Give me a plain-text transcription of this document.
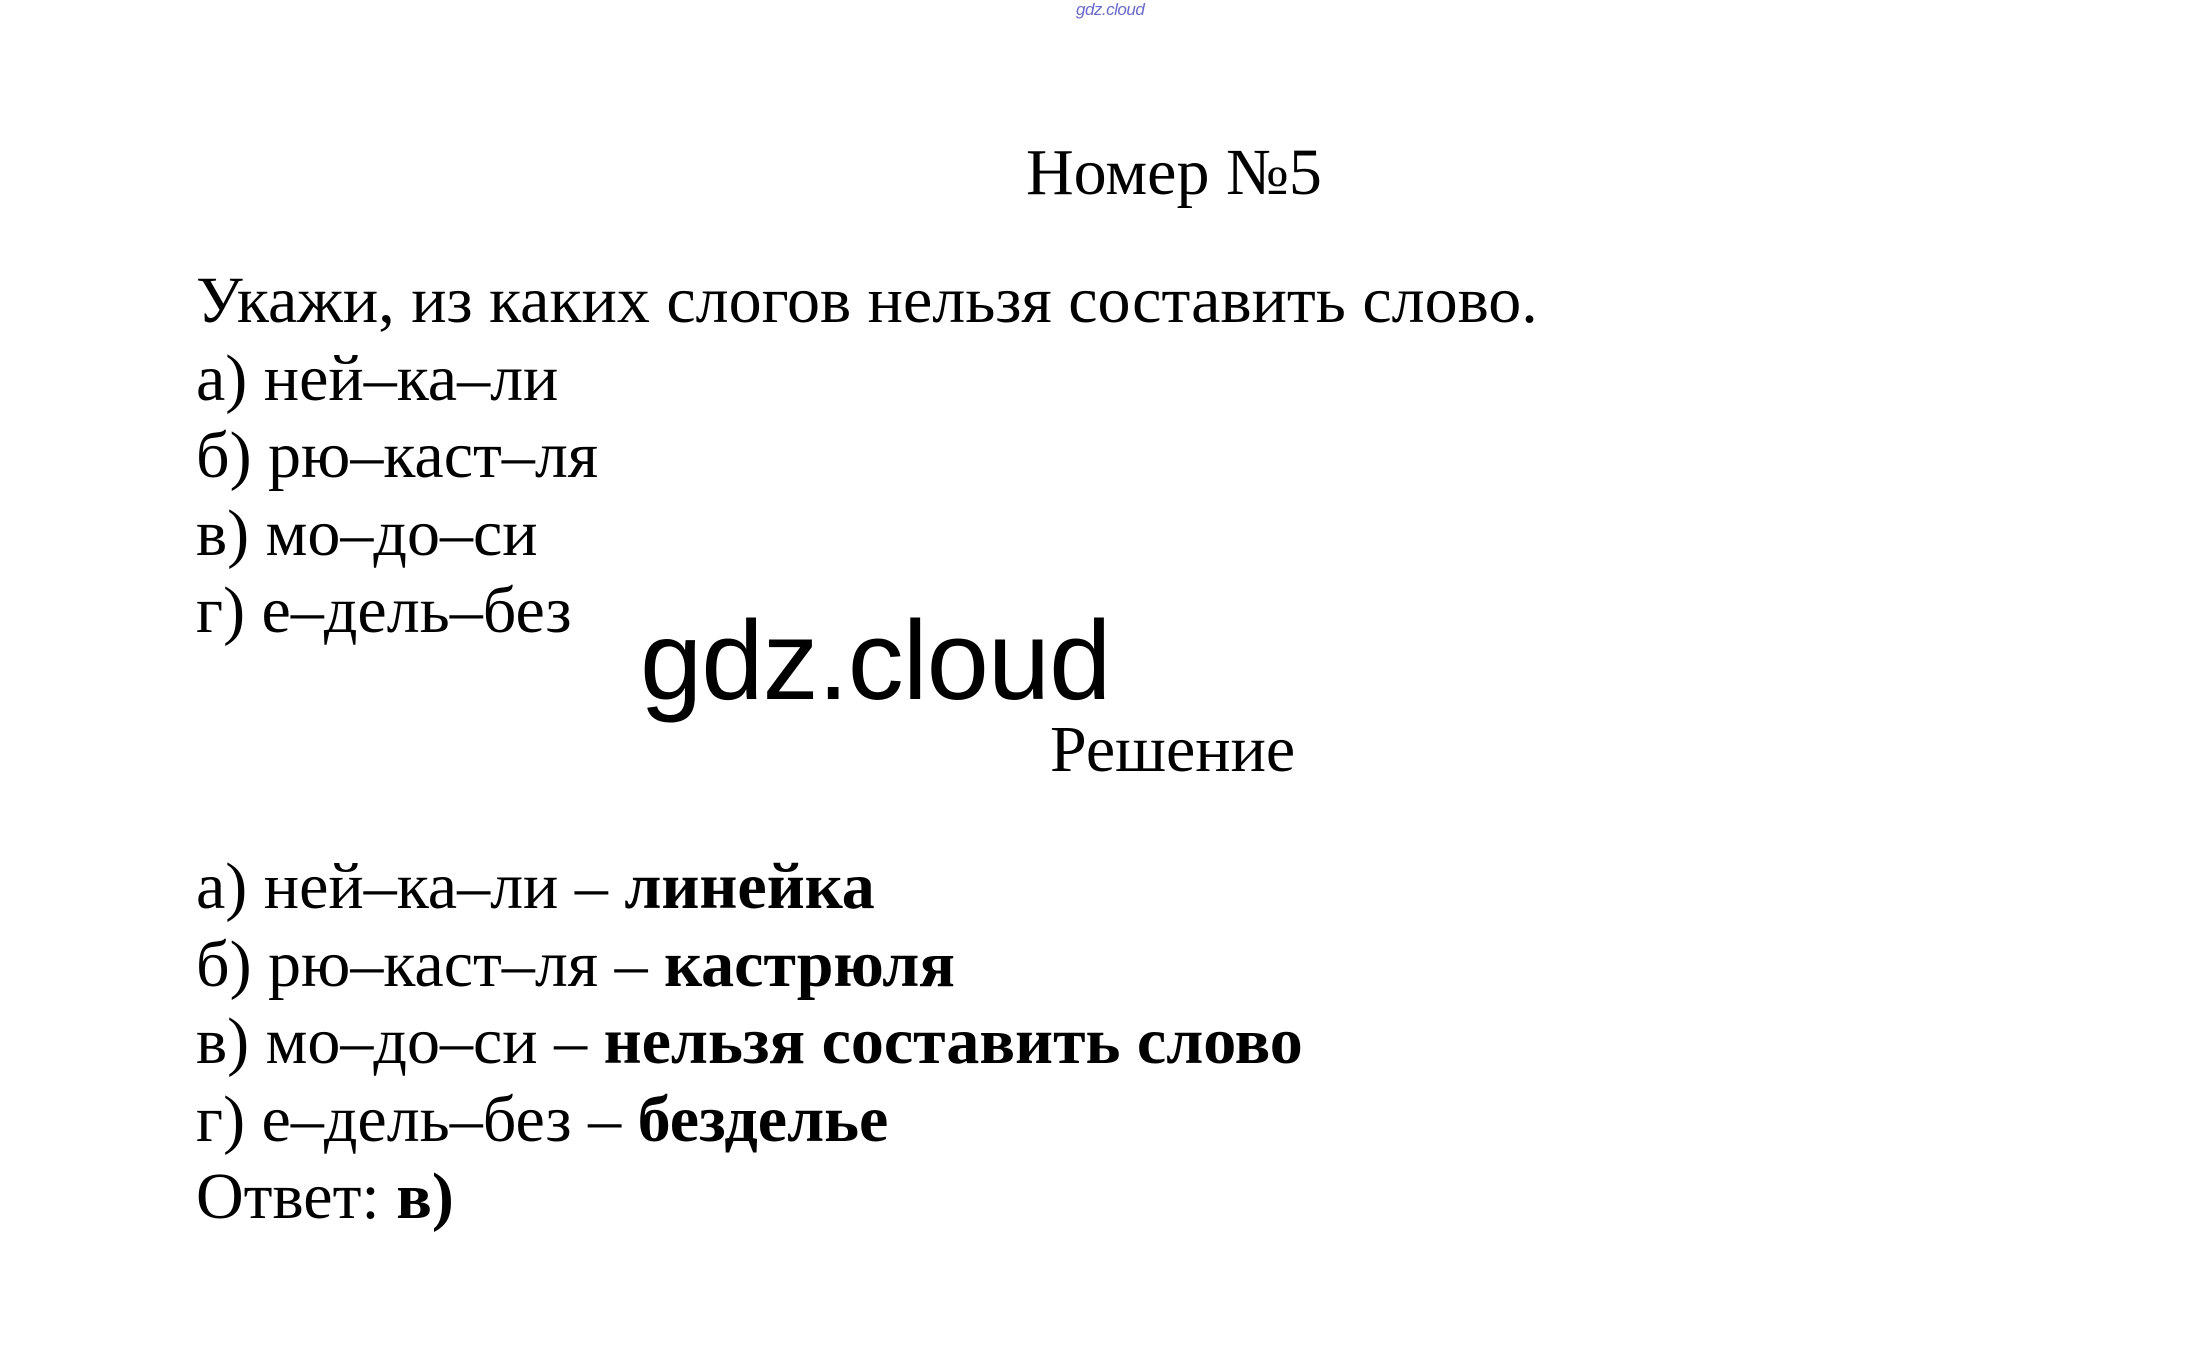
gdz.cloud
Номер №5
Укажи, из каких слогов нельзя составить слово.
а) ней–ка–ли
б) рю–каст–ля
в) мо–до–си
г) е–дель–без gdz.cloud
Решение
а) ней–ка–ли – линейка
б) рю–каст–ля – кастрюля
в) мо–до–си – нельзя составить слово
г) е–дель–без – безделье
Ответ: в)
